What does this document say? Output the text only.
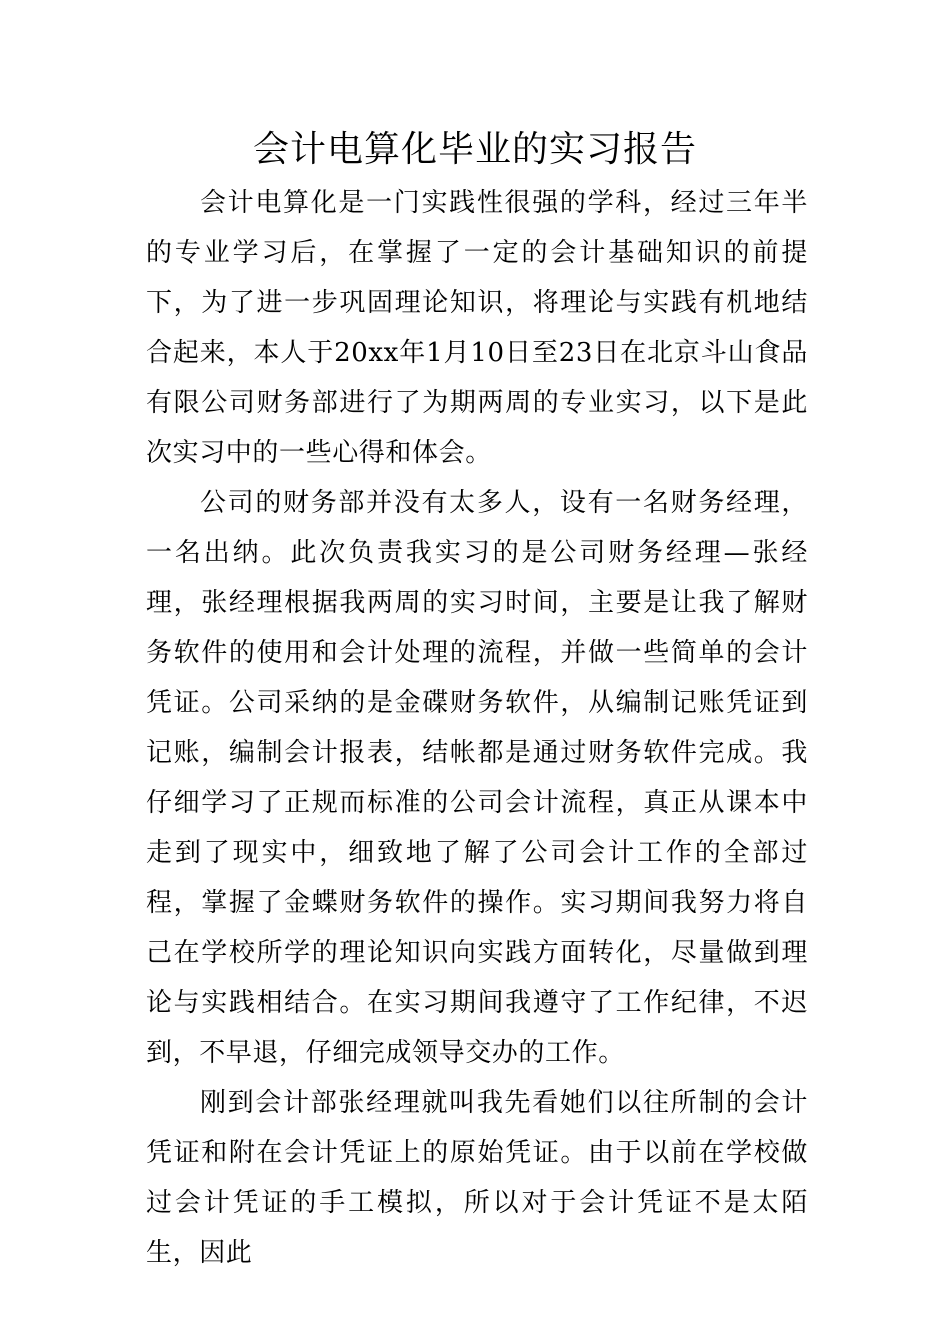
会计电算化毕业的实习报告

会计电算化是一门实践性很强的学科，经过三年半的专业学习后，在掌握了一定的会计基础知识的前提下，为了进一步巩固理论知识，将理论与实践有机地结合起来，本人于20xx年1月10日至23日在北京斗山食品有限公司财务部进行了为期两周的专业实习，以下是此次实习中的一些心得和体会。

公司的财务部并没有太多人，设有一名财务经理，一名出纳。此次负责我实习的是公司财务经理—张经理，张经理根据我两周的实习时间，主要是让我了解财务软件的使用和会计处理的流程，并做一些简单的会计凭证。公司采纳的是金碟财务软件，从编制记账凭证到记账，编制会计报表，结帐都是通过财务软件完成。我仔细学习了正规而标准的公司会计流程，真正从课本中走到了现实中，细致地了解了公司会计工作的全部过程，掌握了金蝶财务软件的操作。实习期间我努力将自己在学校所学的理论知识向实践方面转化，尽量做到理论与实践相结合。在实习期间我遵守了工作纪律，不迟到，不早退，仔细完成领导交办的工作。

刚到会计部张经理就叫我先看她们以往所制的会计凭证和附在会计凭证上的原始凭证。由于以前在学校做过会计凭证的手工模拟，所以对于会计凭证不是太陌生，因此
